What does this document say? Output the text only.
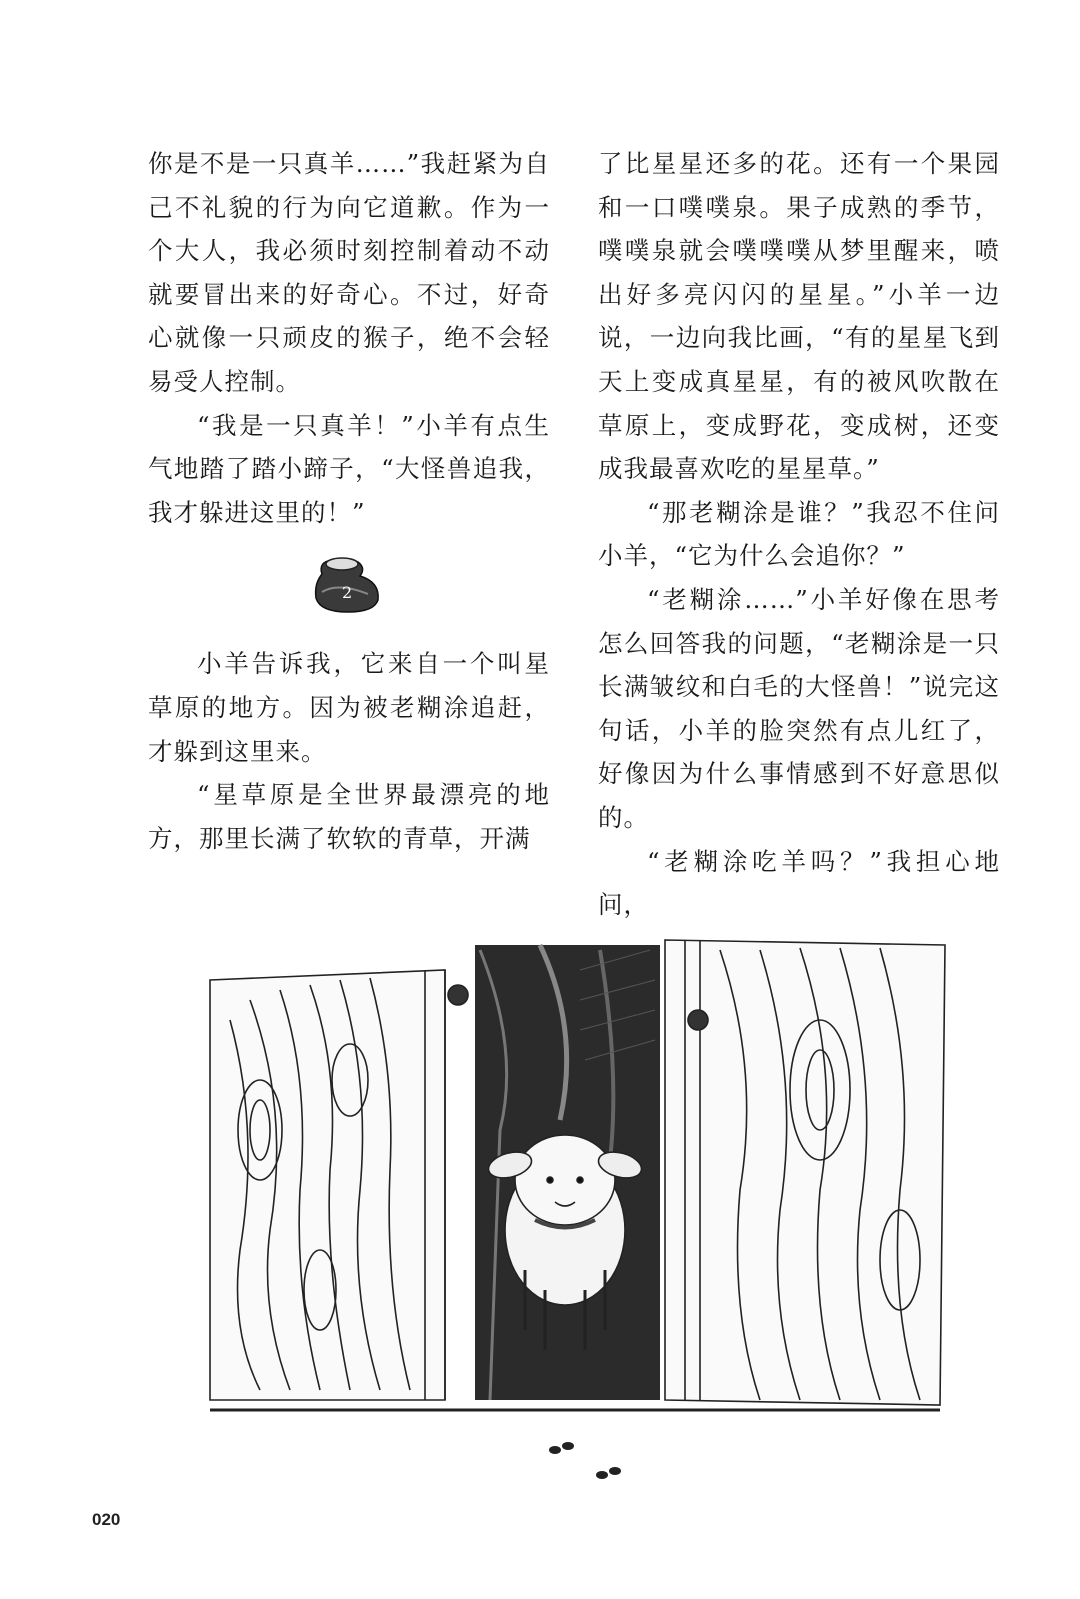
你是不是一只真羊……”我赶紧为自己不礼貌的行为向它道歉。作为一个大人，我必须时刻控制着动不动就要冒出来的好奇心。不过，好奇心就像一只顽皮的猴子，绝不会轻易受人控制。

“我是一只真羊！”小羊有点生气地踏了踏小蹄子，“大怪兽追我，我才躲进这里的！”

2

小羊告诉我，它来自一个叫星草原的地方。因为被老糊涂追赶，才躲到这里来。

“星草原是全世界最漂亮的地方，那里长满了软软的青草，开满

了比星星还多的花。还有一个果园和一口噗噗泉。果子成熟的季节，噗噗泉就会噗噗噗从梦里醒来，喷出好多亮闪闪的星星。”小羊一边说，一边向我比画，“有的星星飞到天上变成真星星，有的被风吹散在草原上，变成野花，变成树，还变成我最喜欢吃的星星草。”

“那老糊涂是谁？”我忍不住问小羊，“它为什么会追你？”

“老糊涂……”小羊好像在思考怎么回答我的问题，“老糊涂是一只长满皱纹和白毛的大怪兽！”说完这句话，小羊的脸突然有点儿红了，好像因为什么事情感到不好意思似的。

“老糊涂吃羊吗？”我担心地问，

020
